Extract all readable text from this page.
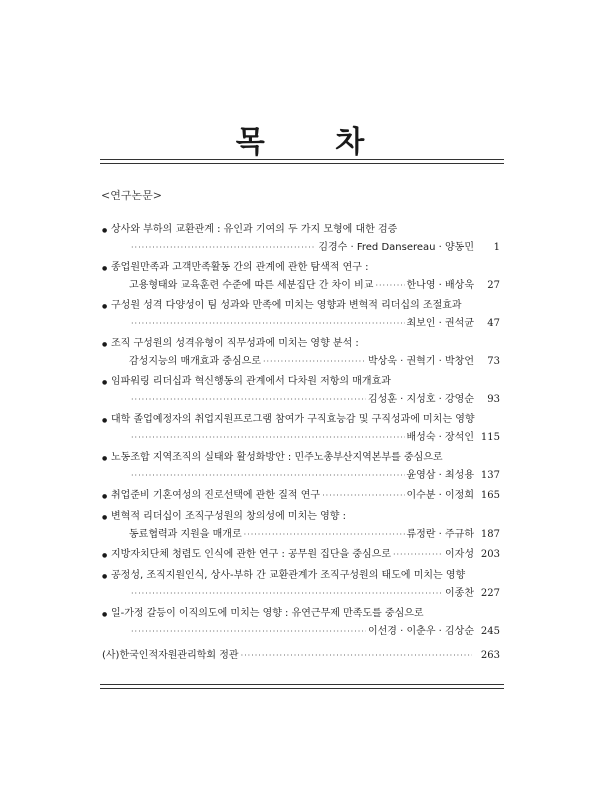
목 차
<연구논문>
● 상사와 부하의 교환관계 : 유인과 기여의 두 가지 모형에 대한 검증
·····
김경수 · Fred Dansereau · 양동민	1
● 종업원만족과 고객만족활동 간의 관계에 관한 탐색적 연구 :
고용형태와 교육훈련 수준에 따른 세분집단 간 차이 비교 ·····	한나영 · 배상욱	27
● 구성원 성격 다양성이 팀 성과와 만족에 미치는 영향과 변혁적 리더십의 조절효과
·····
최보인 · 권석균	47
● 조직 구성원의 성격유형이 직무성과에 미치는 영향 분석 :
감성지능의 매개효과 중심으로 ·····	박상욱 · 권혁기 · 박창언	73
● 임파워링 리더십과 혁신행동의 관계에서 다차원 저항의 매개효과
·····
김성훈 · 지성호 · 강영순	93
● 대학 졸업예정자의 취업지원프로그램 참여가 구직효능감 및 구직성과에 미치는 영향
·····
배성숙 · 장석인 115
● 노동조합 지역조직의 실태와 활성화방안 : 민주노총부산지역본부를 중심으로
·····
윤영삼 · 최성용 137
● 취업준비 기혼여성의 진로선택에 관한 질적 연구 ·····	이수분 · 이정희 165
● 변혁적 리더십이 조직구성원의 창의성에 미치는 영향 :
동료협력과 지원을 매개로 ·····	류정란 · 주규하 187
● 지방자치단체 청렴도 인식에 관한 연구 : 공무원 집단을 중심으로 ·····	이자성 203
● 공정성, 조직지원인식, 상사-부하 간 교환관계가 조직구성원의 태도에 미치는 영향
·····
이종찬 227
● 일-가정 갈등이 이직의도에 미치는 영향 : 유연근무제 만족도를 중심으로
·····
이선경 · 이춘우 · 김상순 245
(사)한국인적자원관리학회 정관 ·····	263
